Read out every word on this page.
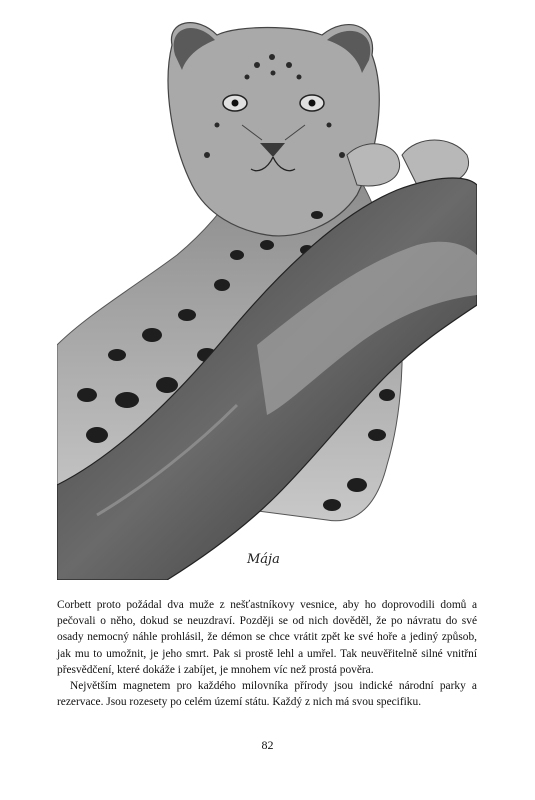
Mája

Corbett proto požádal dva muže z nešťastníkovy vesnice, aby ho doprovodili domů a pečovali o něho, dokud se neuzdraví. Později se od nich dověděl, že po návratu do své osady nemocný náhle prohlásil, že démon se chce vrátit zpět ke své hoře a jediný způsob, jak mu to umožnit, je jeho smrt. Pak si prostě lehl a umřel. Tak neuvěřitelně silné vnitřní přesvědčení, které dokáže i zabíjet, je mnohem víc než prostá pověra.

Největším magnetem pro každého milovníka přírody jsou indické národní parky a rezervace. Jsou rozesety po celém území státu. Každý z nich má svou specifiku.

82
